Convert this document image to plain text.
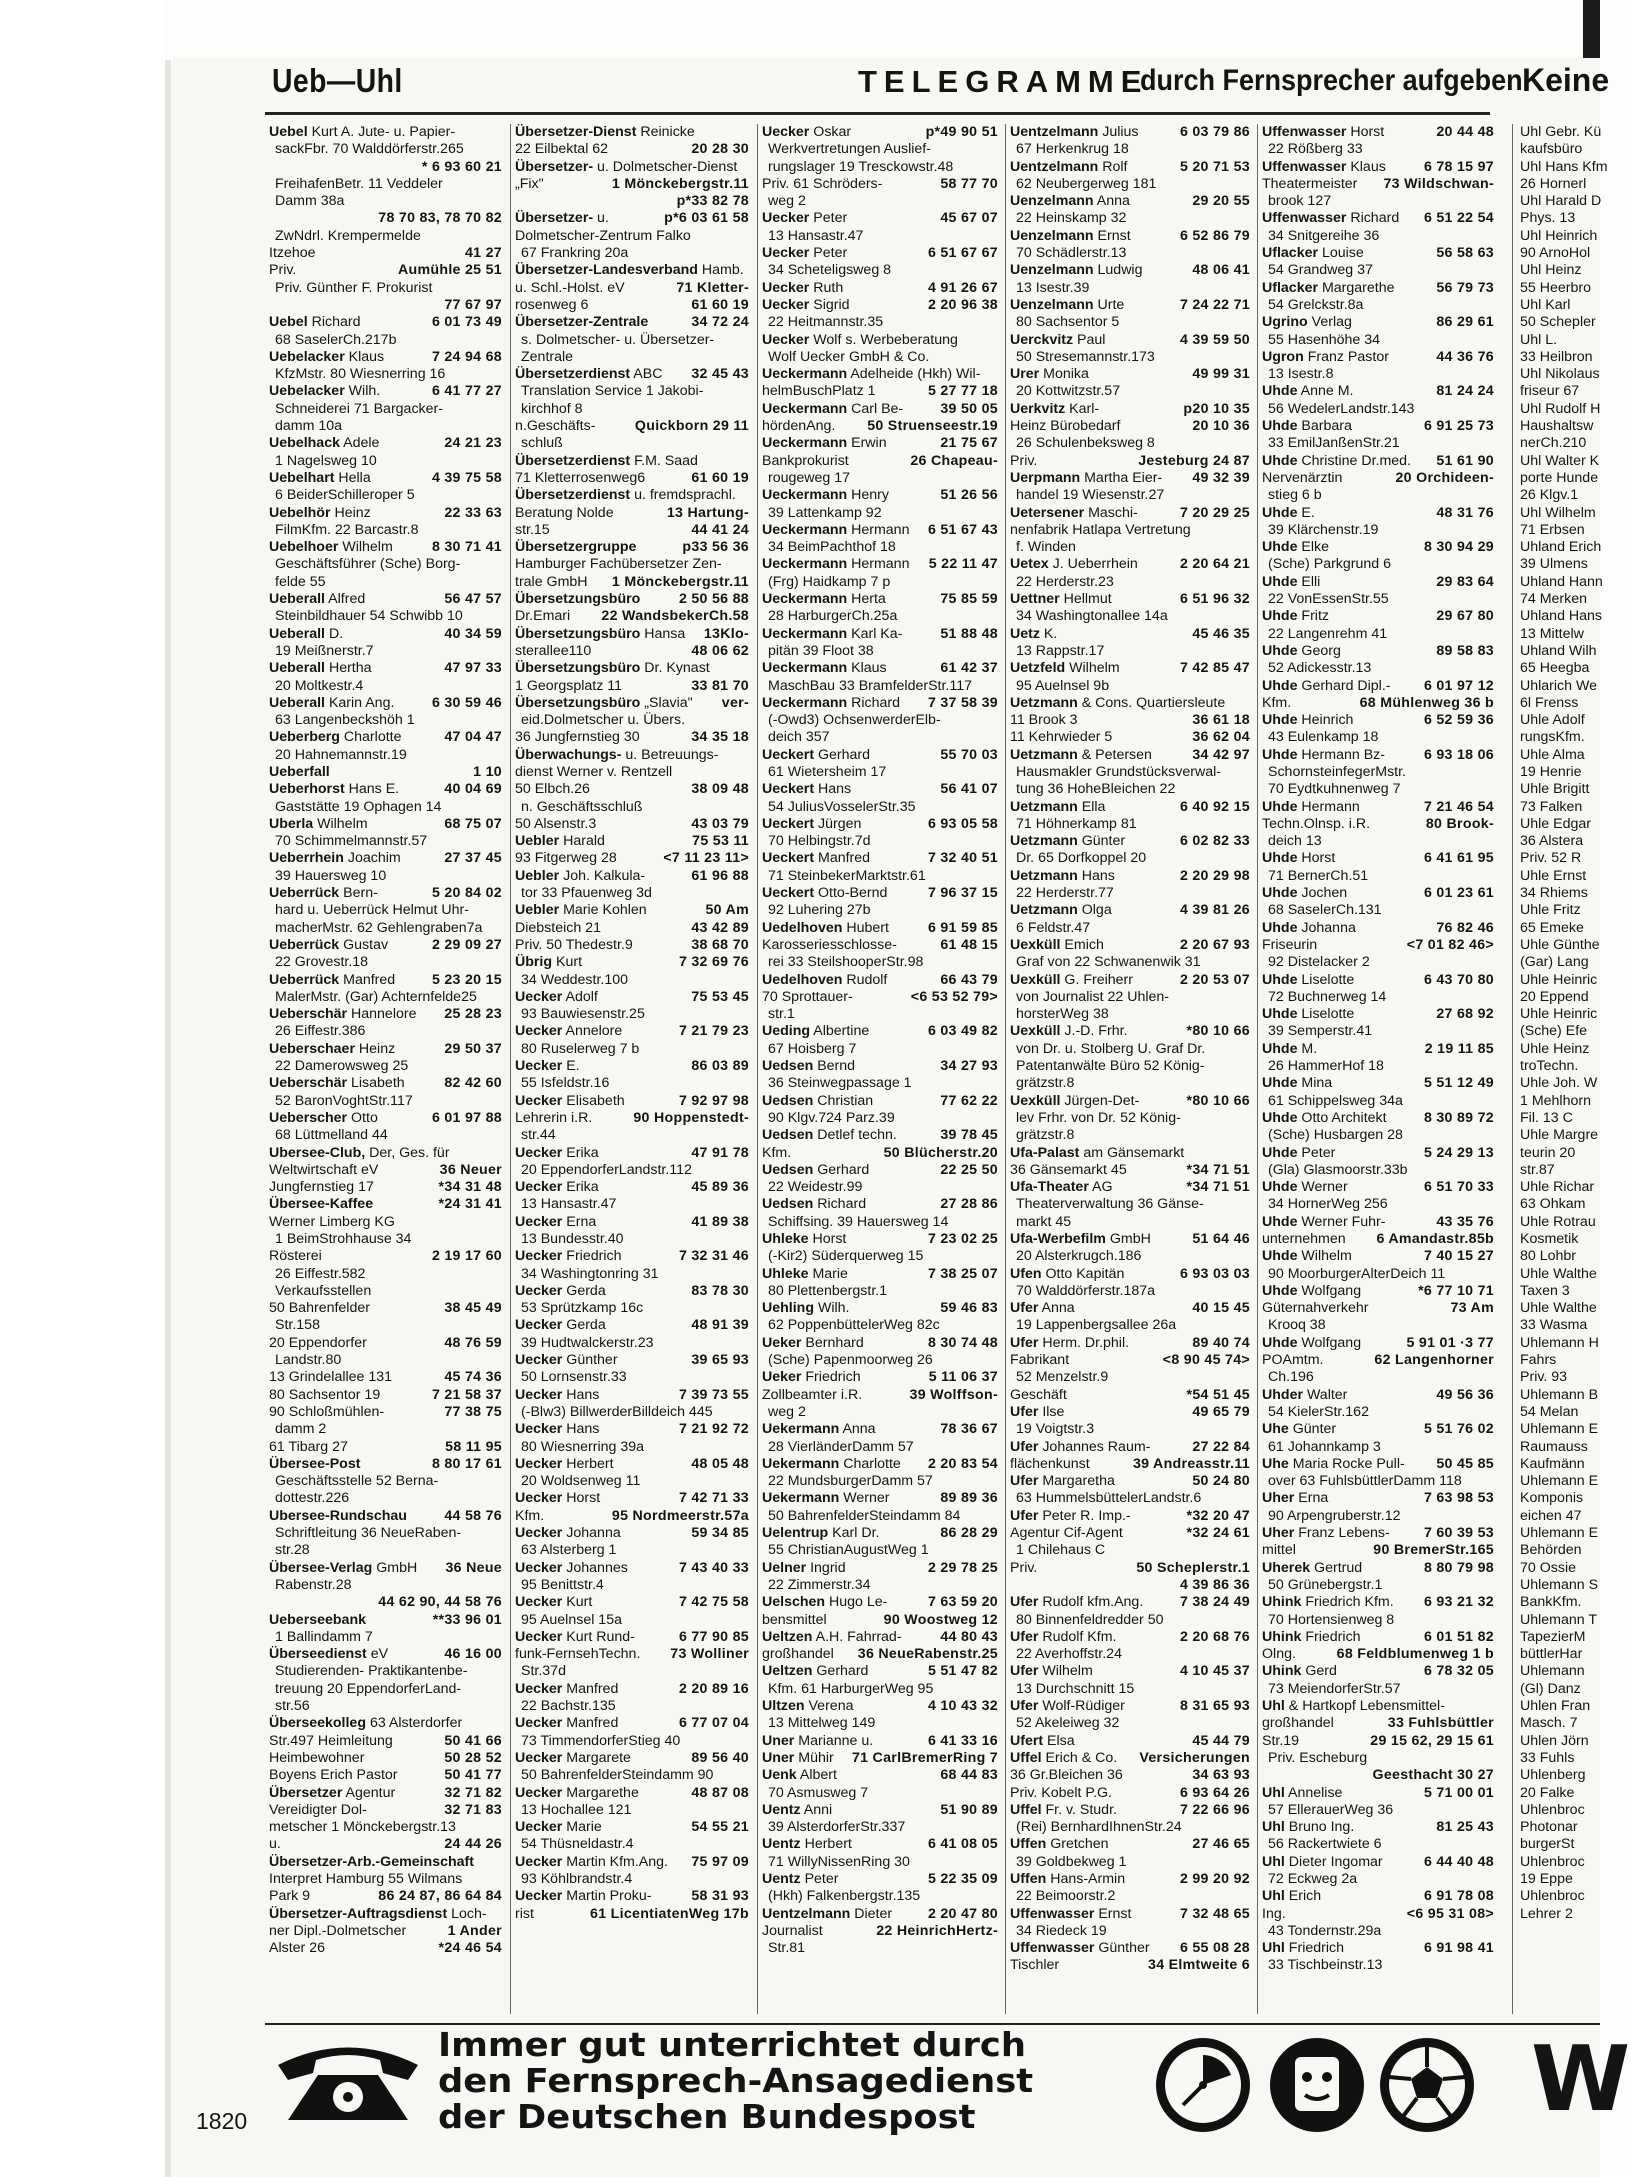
Ueb—Uhl	TELEGRAMME
durch Fernsprecher aufgeben Keine
Uebel Kurt A. Jute- u. Papier-
sackFbr. 70 Walddörferstr.265
* 6 93 60 21
FreihafenBetr. 11 Veddeler
Damm 38a
78 70 83, 78 70 82
ZwNdrl. Krempermelde
Itzehoe	41 27
Priv.	Aumühle 25 51
Priv. Günther F. Prokurist
77 67 97
Uebel Richard	6 01 73 49
68 SaselerCh.217b
Uebelacker Klaus	7 24 94 68
KfzMstr. 80 Wiesnerring 16
Uebelacker Wilh.	6 41 77 27
Schneiderei 71 Bargacker-
damm 10a
Uebelhack Adele	24 21 23
1 Nagelsweg 10
Uebelhart Hella	4 39 75 58
6 BeiderSchilleroper 5
Uebelhör Heinz	22 33 63
FilmKfm. 22 Barcastr.8
Uebelhoer Wilhelm	8 30 71 41
Geschäftsführer (Sche) Borg-
felde 55
Ueberall Alfred	56 47 57
Steinbildhauer 54 Schwibb 10
Ueberall D.	40 34 59
19 Meißnerstr.7
Ueberall Hertha	47 97 33
20 Moltkestr.4
Ueberall Karin Ang.	6 30 59 46
63 Langenbeckshöh 1
Ueberberg Charlotte	47 04 47
20 Hahnemannstr.19
Ueberfall	1 10
Ueberhorst Hans E.	40 04 69
Gaststätte 19 Ophagen 14
Uberla Wilhelm	68 75 07
70 Schimmelmannstr.57
Ueberrhein Joachim	27 37 45
39 Hauersweg 10
Ueberrück Bern-	5 20 84 02
hard u. Ueberrück Helmut Uhr-
macherMstr. 62 Gehlengraben7a
Ueberrück Gustav	2 29 09 27
22 Grovestr.18
Ueberrück Manfred	5 23 20 15
MalerMstr. (Gar) Achternfelde25
Ueberschär Hannelore	25 28 23
26 Eiffestr.386
Ueberschaer Heinz	29 50 37
22 Damerowsweg 25
Ueberschär Lisabeth	82 42 60
52 BaronVoghtStr.117
Ueberscher Otto	6 01 97 88
68 Lüttmelland 44
Ubersee-Club, Der, Ges. für
Weltwirtschaft eV	36 Neuer
Jungfernstieg 17	*34 31 48
Übersee-Kaffee	*24 31 41
Werner Limberg KG
1 BeimStrohhause 34
Rösterei	2 19 17 60
26 Eiffestr.582
Verkaufsstellen
50 Bahrenfelder	38 45 49
Str.158
20 Eppendorfer	48 76 59
Landstr.80
13 Grindelallee 131	45 74 36
80 Sachsentor 19	7 21 58 37
90 Schloßmühlen-	77 38 75
damm 2
61 Tibarg 27	58 11 95
Übersee-Post	8 80 17 61
Geschäftsstelle 52 Berna-
dottestr.226
Ubersee-Rundschau	44 58 76
Schriftleitung 36 NeueRaben-
str.28
Übersee-Verlag GmbH	36 Neue
Rabenstr.28
44 62 90, 44 58 76
Ueberseebank	**33 96 01
1 Ballindamm 7
Überseedienst eV	46 16 00
Studierenden- Praktikantenbe-
treuung 20 EppendorferLand-
str.56
Überseekolleg 63 Alsterdorfer
Str.497 Heimleitung	50 41 66
Heimbewohner	50 28 52
Boyens Erich Pastor	50 41 77
Übersetzer Agentur	32 71 82
Vereidigter Dol-	32 71 83
metscher 1 Mönckebergstr.13
u.	24 44 26
Übersetzer-Arb.-Gemeinschaft
Interpret Hamburg 55 Wilmans
Park 9	86 24 87, 86 64 84
Übersetzer-Auftragsdienst Loch-
ner Dipl.-Dolmetscher	1 Ander
Alster 26	*24 46 54
Übersetzer-Dienst Reinicke
22 Eilbektal 62	20 28 30
Übersetzer- u. Dolmetscher-Dienst
„Fix"	1 Mönckebergstr.11
p*33 82 78
Übersetzer- u.	p*6 03 61 58
Dolmetscher-Zentrum Falko
67 Frankring 20a
Übersetzer-Landesverband Hamb.
u. Schl.-Holst. eV	71 Kletter-
rosenweg 6	61 60 19
Übersetzer-Zentrale	34 72 24
s. Dolmetscher- u. Übersetzer-
Zentrale
Übersetzerdienst ABC	32 45 43
Translation Service 1 Jakobi-
kirchhof 8
n.Geschäfts-	Quickborn 29 11
schluß
Übersetzerdienst F.M. Saad
71 Kletterrosenweg6	61 60 19
Übersetzerdienst u. fremdsprachl.
Beratung Nolde	13 Hartung-
str.15	44 41 24
Übersetzergruppe	p33 56 36
Hamburger Fachübersetzer Zen-
trale GmbH	1 Mönckebergstr.11
Übersetzungsbüro	2 50 56 88
Dr.Emari	22 WandsbekerCh.58
Übersetzungsbüro Hansa	13Klo-
sterallee110	48 06 62
Übersetzungsbüro Dr. Kynast
1 Georgsplatz 11	33 81 70
Übersetzungsbüro „Slavia"	ver-
eid.Dolmetscher u. Übers.
36 Jungfernstieg 30	34 35 18
Überwachungs- u. Betreuungs-
dienst Werner v. Rentzell
50 Elbch.26	38 09 48
n. Geschäftsschluß
50 Alsenstr.3	43 03 79
Uebler Harald	75 53 11
93 Fitgerweg 28	<7 11 23 11>
Uebler Joh. Kalkula-	61 96 88
tor 33 Pfauenweg 3d
Uebler Marie Kohlen	50 Am
Diebsteich 21	43 42 89
Priv. 50 Thedestr.9	38 68 70
Übrig Kurt	7 32 69 76
34 Weddestr.100
Uecker Adolf	75 53 45
93 Bauwiesenstr.25
Uecker Annelore	7 21 79 23
80 Ruselerweg 7 b
Uecker E.	86 03 89
55 Isfeldstr.16
Uecker Elisabeth	7 92 97 98
Lehrerin i.R.	90 Hoppenstedt-
str.44
Uecker Erika	47 91 78
20 EppendorferLandstr.112
Uecker Erika	45 89 36
13 Hansastr.47
Uecker Erna	41 89 38
13 Bundesstr.40
Uecker Friedrich	7 32 31 46
34 Washingtonring 31
Uecker Gerda	83 78 30
53 Sprützkamp 16c
Uecker Gerda	48 91 39
39 Hudtwalckerstr.23
Uecker Günther	39 65 93
50 Lornsenstr.33
Uecker Hans	7 39 73 55
(-Blw3) BillwerderBilldeich 445
Uecker Hans	7 21 92 72
80 Wiesnerring 39a
Uecker Herbert	48 05 48
20 Woldsenweg 11
Uecker Horst	7 42 71 33
Kfm.	95 Nordmeerstr.57a
Uecker Johanna	59 34 85
63 Alsterberg 1
Uecker Johannes	7 43 40 33
95 Benittstr.4
Uecker Kurt	7 42 75 58
95 Auelnsel 15a
Uecker Kurt Rund-	6 77 90 85
funk-FernsehTechn.	73 Wolliner
Str.37d
Uecker Manfred	2 20 89 16
22 Bachstr.135
Uecker Manfred	6 77 07 04
73 TimmendorferStieg 40
Uecker Margarete	89 56 40
50 BahrenfelderSteindamm 90
Uecker Margarethe	48 87 08
13 Hochallee 121
Uecker Marie	54 55 21
54 Thüsneldastr.4
Uecker Martin Kfm.Ang.	75 97 09
93 Köhlbrandstr.4
Uecker Martin Proku-	58 31 93
rist	61 LicentiatenWeg 17b
Uecker Oskar	p*49 90 51
Werkvertretungen Auslief-
rungslager 19 Tresckowstr.48
Priv. 61 Schröders-	58 77 70
weg 2
Uecker Peter	45 67 07
13 Hansastr.47
Uecker Peter	6 51 67 67
34 Scheteligsweg 8
Uecker Ruth	4 91 26 67
Uecker Sigrid	2 20 96 38
22 Heitmannstr.35
Uecker Wolf s. Werbeberatung
Wolf Uecker GmbH & Co.
Ueckermann Adelheide (Hkh) Wil-
helmBuschPlatz 1	5 27 77 18
Ueckermann Carl Be-	39 50 05
hördenAng.	50 Struenseestr.19
Ueckermann Erwin	21 75 67
Bankprokurist	26 Chapeau-
rougeweg 17
Ueckermann Henry	51 26 56
39 Lattenkamp 92
Ueckermann Hermann	6 51 67 43
34 BeimPachthof 18
Ueckermann Hermann	5 22 11 47
(Frg) Haidkamp 7 p
Ueckermann Herta	75 85 59
28 HarburgerCh.25a
Ueckermann Karl Ka-	51 88 48
pitän 39 Floot 38
Ueckermann Klaus	61 42 37
MaschBau 33 BramfelderStr.117
Ueckermann Richard	7 37 58 39
(-Owd3) OchsenwerderElb-
deich 357
Ueckert Gerhard	55 70 03
61 Wietersheim 17
Ueckert Hans	56 41 07
54 JuliusVosselerStr.35
Ueckert Jürgen	6 93 05 58
70 Helbingstr.7d
Ueckert Manfred	7 32 40 51
71 SteinbekerMarktstr.61
Ueckert Otto-Bernd	7 96 37 15
92 Luhering 27b
Uedelhoven Hubert	6 91 59 85
Karosseriesschlosse-	61 48 15
rei 33 SteilshooperStr.98
Uedelhoven Rudolf	66 43 79
70 Sprottauer-	<6 53 52 79>
str.1
Ueding Albertine	6 03 49 82
67 Hoisberg 7
Uedsen Bernd	34 27 93
36 Steinwegpassage 1
Uedsen Christian	77 62 22
90 Klgv.724 Parz.39
Uedsen Detlef techn.	39 78 45
Kfm.	50 Blücherstr.20
Uedsen Gerhard	22 25 50
22 Weidestr.99
Uedsen Richard	27 28 86
Schiffsing. 39 Hauersweg 14
Uhleke Horst	7 23 02 25
(-Kir2) Süderquerweg 15
Uhleke Marie	7 38 25 07
80 Plettenbergstr.1
Uehling Wilh.	59 46 83
62 PoppenbüttelerWeg 82c
Ueker Bernhard	8 30 74 48
(Sche) Papenmoorweg 26
Ueker Friedrich	5 11 06 37
Zollbeamter i.R.	39 Wolffson-
weg 2
Uekermann Anna	78 36 67
28 VierländerDamm 57
Uekermann Charlotte	2 20 83 54
22 MundsburgerDamm 57
Uekermann Werner	89 89 36
50 BahrenfelderSteindamm 84
Uelentrup Karl Dr.	86 28 29
55 ChristianAugustWeg 1
Uelner Ingrid	2 29 78 25
22 Zimmerstr.34
Uelschen Hugo Le-	7 63 59 20
bensmittel	90 Woostweg 12
Ueltzen A.H. Fahrrad-	44 80 43
großhandel	36 NeueRabenstr.25
Ueltzen Gerhard	5 51 47 82
Kfm. 61 HarburgerWeg 95
Ultzen Verena	4 10 43 32
13 Mittelweg 149
Uner Marianne u.	6 41 33 16
Uner Mühir	71 CarlBremerRing 7
Uenk Albert	68 44 83
70 Asmusweg 7
Uentz Anni	51 90 89
39 AlsterdorferStr.337
Uentz Herbert	6 41 08 05
71 WillyNissenRing 30
Uentz Peter	5 22 35 09
(Hkh) Falkenbergstr.135
Uentzelmann Dieter	2 20 47 80
Journalist	22 HeinrichHertz-
Str.81
Uentzelmann Julius	6 03 79 86
67 Herkenkrug 18
Uentzelmann Rolf	5 20 71 53
62 Neubergerweg 181
Uenzelmann Anna	29 20 55
22 Heinskamp 32
Uenzelmann Ernst	6 52 86 79
70 Schädlerstr.13
Uenzelmann Ludwig	48 06 41
13 Isestr.39
Uenzelmann Urte	7 24 22 71
80 Sachsentor 5
Uerckvitz Paul	4 39 59 50
50 Stresemannstr.173
Urer Monika	49 99 31
20 Kottwitzstr.57
Uerkvitz Karl-	p20 10 35
Heinz Bürobedarf	20 10 36
26 Schulenbeksweg 8
Priv.	Jesteburg 24 87
Uerpmann Martha Eier-	49 32 39
handel 19 Wiesenstr.27
Uetersener Maschi-	7 20 29 25
nenfabrik Hatlapa Vertretung
f. Winden
Uetex J. Ueberrhein	2 20 64 21
22 Herderstr.23
Uettner Hellmut	6 51 96 32
34 Washingtonallee 14a
Uetz K.	45 46 35
13 Rappstr.17
Uetzfeld Wilhelm	7 42 85 47
95 Auelnsel 9b
Uetzmann & Cons. Quartiersleute
11 Brook 3	36 61 18
11 Kehrwieder 5	36 62 04
Uetzmann & Petersen	34 42 97
Hausmakler Grundstücksverwal-
tung 36 HoheBleichen 22
Uetzmann Ella	6 40 92 15
71 Höhnerkamp 81
Uetzmann Günter	6 02 82 33
Dr. 65 Dorfkoppel 20
Uetzmann Hans	2 20 29 98
22 Herderstr.77
Uetzmann Olga	4 39 81 26
6 Feldstr.47
Uexküll Emich	2 20 67 93
Graf von 22 Schwanenwik 31
Uexküll G. Freiherr	2 20 53 07
von Journalist 22 Uhlen-
horsterWeg 38
Uexküll J.-D. Frhr.	*80 10 66
von Dr. u. Stolberg U. Graf Dr.
Patentanwälte Büro 52 König-
grätzstr.8
Uexküll Jürgen-Det-	*80 10 66
lev Frhr. von Dr. 52 König-
grätzstr.8
Ufa-Palast am Gänsemarkt
36 Gänsemarkt 45	*34 71 51
Ufa-Theater AG	*34 71 51
Theaterverwaltung 36 Gänse-
markt 45
Ufa-Werbefilm GmbH	51 64 46
20 Alsterkrugch.186
Ufen Otto Kapitän	6 93 03 03
70 Walddörferstr.187a
Ufer Anna	40 15 45
19 Lappenbergsallee 26a
Ufer Herm. Dr.phil.	89 40 74
Fabrikant	<8 90 45 74>
52 Menzelstr.9
Geschäft	*54 51 45
Ufer Ilse	49 65 79
19 Voigtstr.3
Ufer Johannes Raum-	27 22 84
flächenkunst	39 Andreasstr.11
Ufer Margaretha	50 24 80
63 HummelsbüttelerLandstr.6
Ufer Peter R. Imp.-	*32 20 47
Agentur Cif-Agent	*32 24 61
1 Chilehaus C
Priv.	50 Scheplerstr.1
4 39 86 36
Ufer Rudolf kfm.Ang.	7 38 24 49
80 Binnenfeldredder 50
Ufer Rudolf Kfm.	2 20 68 76
22 Averhoffstr.24
Ufer Wilhelm	4 10 45 37
13 Durchschnitt 15
Ufer Wolf-Rüdiger	8 31 65 93
52 Akeleiweg 32
Ufert Elsa	45 44 79
Uffel Erich & Co.	Versicherungen
36 Gr.Bleichen 36	34 63 93
Priv. Kobelt P.G.	6 93 64 26
Uffel Fr. v. Studr.	7 22 66 96
(Rei) BernhardIhnenStr.24
Uffen Gretchen	27 46 65
39 Goldbekweg 1
Uffen Hans-Armin	2 99 20 92
22 Beimoorstr.2
Uffenwasser Ernst	7 32 48 65
34 Riedeck 19
Uffenwasser Günther	6 55 08 28
Tischler	34 Elmtweite 6
Uffenwasser Horst	20 44 48
22 Rößberg 33
Uffenwasser Klaus	6 78 15 97
Theatermeister	73 Wildschwan-
brook 127
Uffenwasser Richard	6 51 22 54
34 Snitgereihe 36
Uflacker Louise	56 58 63
54 Grandweg 37
Uflacker Margarethe	56 79 73
54 Grelckstr.8a
Ugrino Verlag	86 29 61
55 Hasenhöhe 34
Ugron Franz Pastor	44 36 76
13 Isestr.8
Uhde Anne M.	81 24 24
56 WedelerLandstr.143
Uhde Barbara	6 91 25 73
33 EmilJanßenStr.21
Uhde Christine Dr.med.	51 61 90
Nervenärztin	20 Orchideen-
stieg 6 b
Uhde E.	48 31 76
39 Klärchenstr.19
Uhde Elke	8 30 94 29
(Sche) Parkgrund 6
Uhde Elli	29 83 64
22 VonEssenStr.55
Uhde Fritz	29 67 80
22 Langenrehm 41
Uhde Georg	89 58 83
52 Adickesstr.13
Uhde Gerhard Dipl.-	6 01 97 12
Kfm.	68 Mühlenweg 36 b
Uhde Heinrich	6 52 59 36
43 Eulenkamp 18
Uhde Hermann Bz-	6 93 18 06
SchornsteinfegerMstr.
70 Eydtkuhnenweg 7
Uhde Hermann	7 21 46 54
Techn.Olnsp. i.R.	80 Brook-
deich 13
Uhde Horst	6 41 61 95
71 BernerCh.51
Uhde Jochen	6 01 23 61
68 SaselerCh.131
Uhde Johanna	76 82 46
Friseurin	<7 01 82 46>
92 Distelacker 2
Uhde Liselotte	6 43 70 80
72 Buchnerweg 14
Uhde Liselotte	27 68 92
39 Semperstr.41
Uhde M.	2 19 11 85
26 HammerHof 18
Uhde Mina	5 51 12 49
61 Schippelsweg 34a
Uhde Otto Architekt	8 30 89 72
(Sche) Husbargen 28
Uhde Peter	5 24 29 13
(Gla) Glasmoorstr.33b
Uhde Werner	6 51 70 33
34 HornerWeg 256
Uhde Werner Fuhr-	43 35 76
unternehmen	6 Amandastr.85b
Uhde Wilhelm	7 40 15 27
90 MoorburgerAlterDeich 11
Uhde Wolfgang	*6 77 10 71
Güternahverkehr	73 Am
Krooq 38
Uhde Wolfgang	5 91 01 ·3 77
POAmtm.	62 Langenhorner
Ch.196
Uhder Walter	49 56 36
54 KielerStr.162
Uhe Günter	5 51 76 02
61 Johannkamp 3
Uhe Maria Rocke Pull-	50 45 85
over 63 FuhlsbüttlerDamm 118
Uher Erna	7 63 98 53
90 Arpengruberstr.12
Uher Franz Lebens-	7 60 39 53
mittel	90 BremerStr.165
Uherek Gertrud	8 80 79 98
50 Grünebergstr.1
Uhink Friedrich Kfm.	6 93 21 32
70 Hortensienweg 8
Uhink Friedrich	6 01 51 82
Olng.	68 Feldblumenweg 1 b
Uhink Gerd	6 78 32 05
73 MeiendorferStr.57
Uhl & Hartkopf Lebensmittel-
großhandel	33 Fuhlsbüttler
Str.19	29 15 62, 29 15 61
Priv. Escheburg
Geesthacht 30 27
Uhl Annelise	5 71 00 01
57 EllerauerWeg 36
Uhl Bruno Ing.	81 25 43
56 Rackertwiete 6
Uhl Dieter Ingomar	6 44 40 48
72 Eckweg 2a
Uhl Erich	6 91 78 08
Ing.	<6 95 31 08>
43 Tondernstr.29a
Uhl Friedrich	6 91 98 41
33 Tischbeinstr.13
Uhl Gebr. Kü
kaufsbüro
Uhl Hans Kfm
26 Hornerl
Uhl Harald D
Phys. 13
Uhl Heinrich
90 ArnoHol
Uhl Heinz
55 Heerbro
Uhl Karl
50 Schepler
Uhl L.
33 Heilbron
Uhl Nikolaus
friseur 67
Uhl Rudolf H
Haushaltsw
nerCh.210
Uhl Walter K
porte Hunde
26 Klgv.1
Uhl Wilhelm
71 Erbsen
Uhland Erich
39 Ulmens
Uhland Hann
74 Merken
Uhland Hans
13 Mittelw
Uhland Wilh
65 Heegba
Uhlarich We
6l Frenss
Uhle Adolf
rungsKfm.
Uhle Alma
19 Henrie
Uhle Brigitt
73 Falken
Uhle Edgar
36 Alstera
Priv. 52 R
Uhle Ernst
34 Rhiems
Uhle Fritz
65 Emeke
Uhle Günthe
(Gar) Lang
Uhle Heinric
20 Eppend
Uhle Heinric
(Sche) Efe
Uhle Heinz
troTechn.
Uhle Joh. W
1 Mehlhorn
Fil. 13 C
Uhle Margre
teurin 20
str.87
Uhle Richar
63 Ohkam
Uhle Rotrau
Kosmetik
80 Lohbr
Uhle Walthe
Taxen 3
Uhle Walthe
33 Wasma
Uhlemann H
Fahrs
Priv. 93
Uhlemann B
54 Melan
Uhlemann E
Raumauss
Kaufmänn
Uhlemann E
Komponis
eichen 47
Uhlemann E
Behörden
70 Ossie
Uhlemann S
BankKfm.
Uhlemann T
TapezierM
büttlerHar
Uhlemann
(Gl) Danz
Uhlen Fran
Masch. 7
Uhlen Jörn
33 Fuhls
Uhlenberg
20 Falke
Uhlenbroc
Photonar
burgerSt
Uhlenbroc
19 Eppe
Uhlenbroc
Lehrer 2
Immer gut unterrichtet durch
den Fernsprech-Ansagedienst
der Deutschen Bundespost	W
1820
